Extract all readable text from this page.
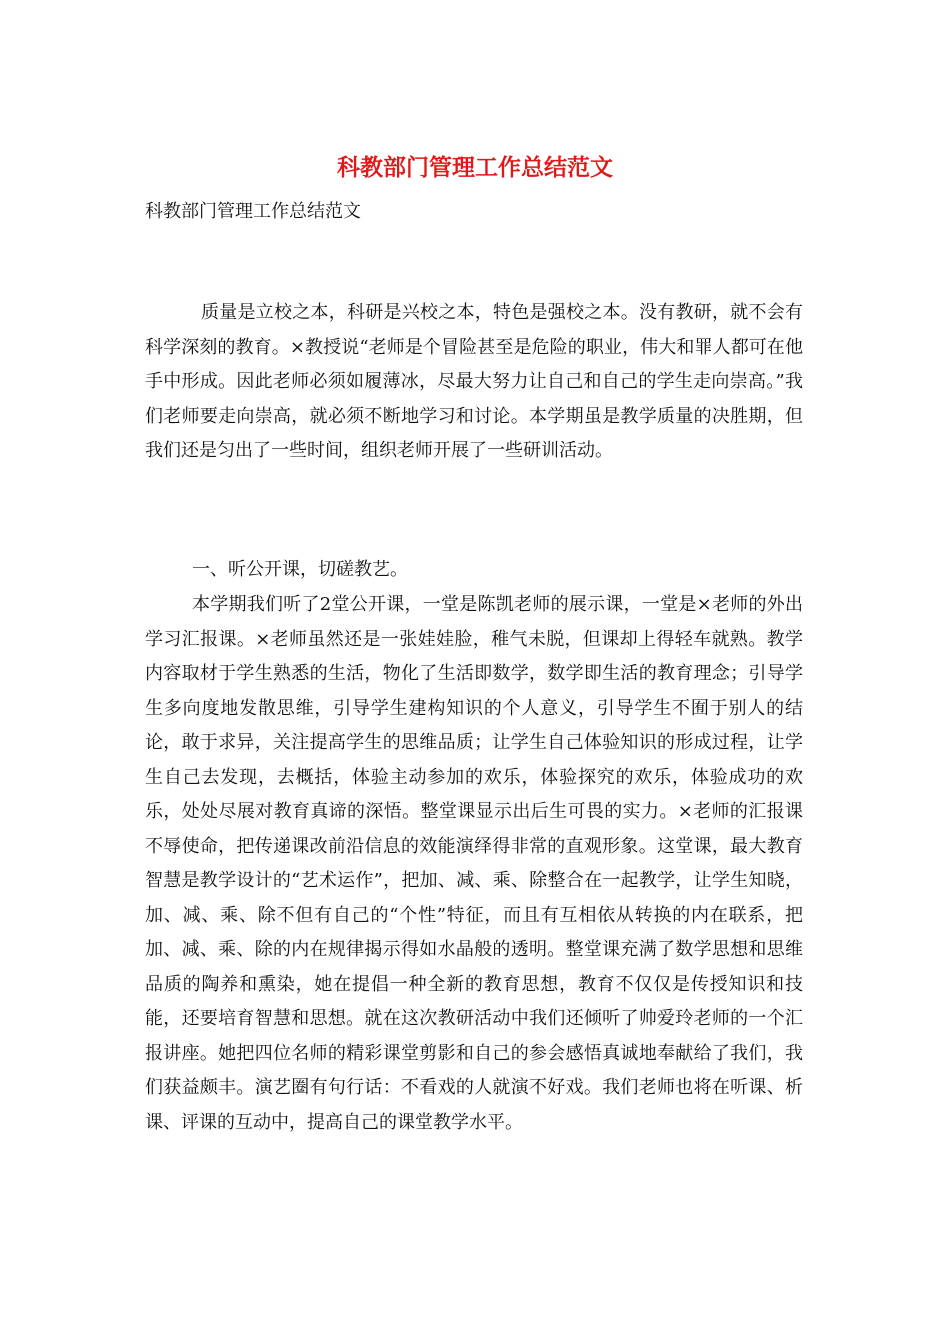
科教部门管理工作总结范文
科教部门管理工作总结范文

质量是立校之本，科研是兴校之本，特色是强校之本。没有教研，就不会有科学深刻的教育。×教授说“老师是个冒险甚至是危险的职业，伟大和罪人都可在他手中形成。因此老师必须如履薄冰，尽最大努力让自己和自己的学生走向崇高。”我们老师要走向崇高，就必须不断地学习和讨论。本学期虽是教学质量的决胜期，但我们还是匀出了一些时间，组织老师开展了一些研训活动。

一、听公开课，切磋教艺。

本学期我们听了2堂公开课，一堂是陈凯老师的展示课，一堂是×老师的外出学习汇报课。×老师虽然还是一张娃娃脸，稚气未脱，但课却上得轻车就熟。教学内容取材于学生熟悉的生活，物化了生活即数学，数学即生活的教育理念；引导学生多向度地发散思维，引导学生建构知识的个人意义，引导学生不囿于别人的结论，敢于求异，关注提高学生的思维品质；让学生自己体验知识的形成过程，让学生自己去发现，去概括，体验主动参加的欢乐，体验探究的欢乐，体验成功的欢乐，处处尽展对教育真谛的深悟。整堂课显示出后生可畏的实力。×老师的汇报课不辱使命，把传递课改前沿信息的效能演绎得非常的直观形象。这堂课，最大教育智慧是教学设计的“艺术运作”，把加、减、乘、除整合在一起教学，让学生知晓，加、减、乘、除不但有自己的“个性”特征，而且有互相依从转换的内在联系，把加、减、乘、除的内在规律揭示得如水晶般的透明。整堂课充满了数学思想和思维品质的陶养和熏染，她在提倡一种全新的教育思想，教育不仅仅是传授知识和技能，还要培育智慧和思想。就在这次教研活动中我们还倾听了帅爱玲老师的一个汇报讲座。她把四位名师的精彩课堂剪影和自己的参会感悟真诚地奉献给了我们，我们获益颇丰。演艺圈有句行话：不看戏的人就演不好戏。我们老师也将在听课、析课、评课的互动中，提高自己的课堂教学水平。
